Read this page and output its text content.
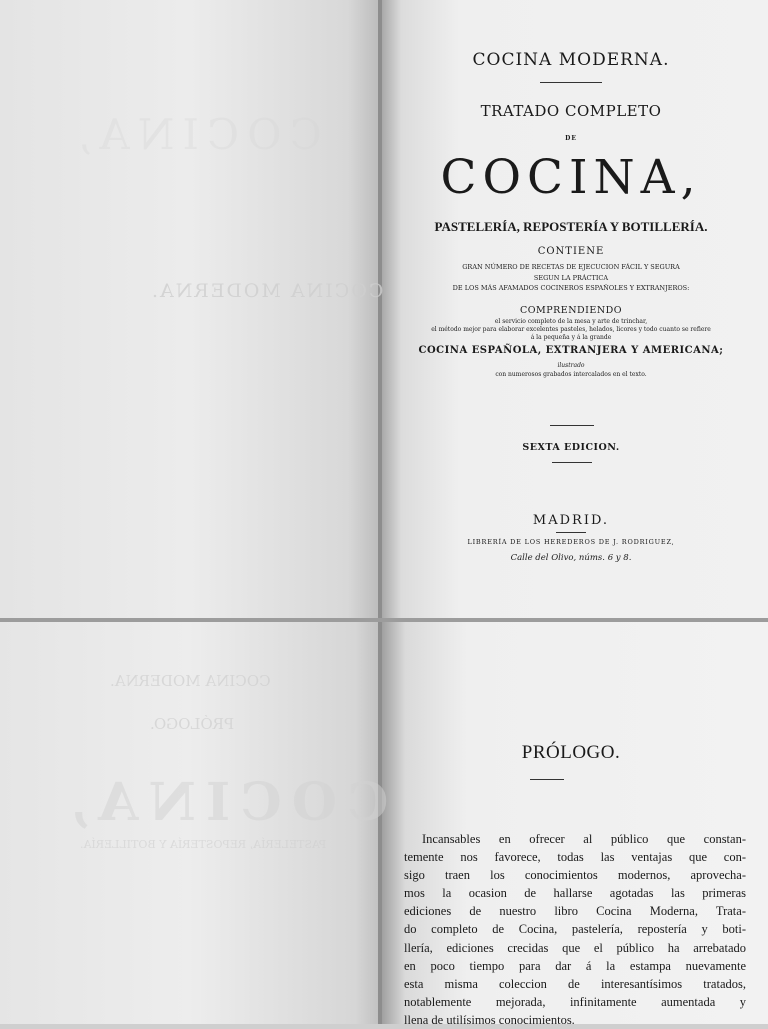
COCINA MODERNA.
COCINA,
COCINA MODERNA.
PRÓLOGO.
COCINA,
PASTELERÍA, REPOSTERÍA Y BOTILLERÍA.
COCINA MODERNA.
TRATADO COMPLETO
DE
COCINA,
PASTELERÍA, REPOSTERÍA Y BOTILLERÍA.
CONTIENE
GRAN NÚMERO DE RECETAS DE EJECUCION FÁCIL Y SEGURA
SEGUN LA PRÁCTICA
DE LOS MÁS AFAMADOS COCINEROS ESPAÑOLES Y EXTRANJEROS:
COMPRENDIENDO
el servicio completo de la mesa y arte de trinchar,
el método mejor para elaborar excelentes pasteles, helados, licores y todo cuanto se refiere
á la pequeña y á la grande
COCINA ESPAÑOLA, EXTRANJERA Y AMERICANA;
ilustrado
con numerosos grabados intercalados en el texto.
SEXTA EDICION.
MADRID.
LIBRERÍA DE LOS HEREDEROS DE J. RODRIGUEZ,
Calle del Olivo, núms. 6 y 8.
PRÓLOGO.
Incansables en ofrecer al público que constan-
temente nos favorece, todas las ventajas que con-
sigo traen los conocimientos modernos, aprovecha-
mos la ocasion de hallarse agotadas las primeras
ediciones de nuestro libro Cocina Moderna, Trata-
do completo de Cocina, pastelería, repostería y boti-
llería, ediciones crecidas que el público ha arrebatado
en poco tiempo para dar á la estampa nuevamente
esta misma coleccion de interesantísimos tratados,
notablemente mejorada, infinitamente aumentada y
llena de utilísimos conocimientos.
